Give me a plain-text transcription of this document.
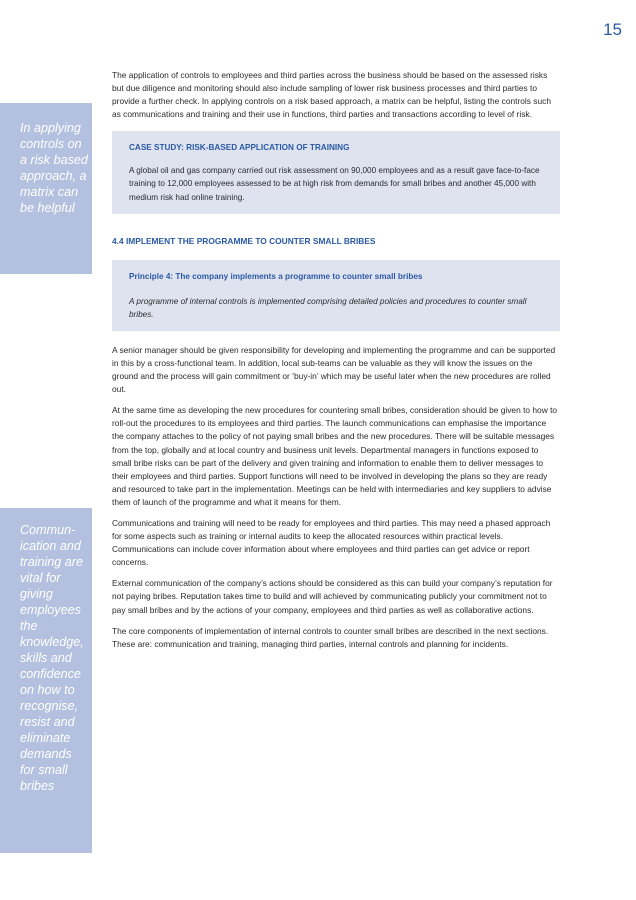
15
In applying controls on a risk based approach, a matrix can be helpful
Commun-ication and training are vital for giving employees the knowledge, skills and confidence on how to recognise, resist and eliminate demands for small bribes

The application of controls to employees and third parties across the business should be based on the assessed risks but due diligence and monitoring should also include sampling of lower risk business processes and third parties to provide a further check. In applying controls on a risk based approach, a matrix can be helpful, listing the controls such as communications and training and their use in functions, third parties and transactions according to level of risk.

CASE STUDY: RISK-BASED APPLICATION OF TRAINING

A global oil and gas company carried out risk assessment on 90,000 employees and as a result gave face-to-face training to 12,000 employees assessed to be at high risk from demands for small bribes and another 45,000 with medium risk had online training.

4.4 IMPLEMENT THE PROGRAMME TO COUNTER SMALL BRIBES

Principle 4: The company implements a programme to counter small bribes

A programme of internal controls is implemented comprising detailed policies and procedures to counter small bribes.

A senior manager should be given responsibility for developing and implementing the programme and can be supported in this by a cross-functional team. In addition, local sub-teams can be valuable as they will know the issues on the ground and the process will gain commitment or ‘buy-in’ which may be useful later when the new procedures are rolled out.

At the same time as developing the new procedures for countering small bribes, consideration should be given to how to roll-out the procedures to its employees and third parties. The launch communications can emphasise the importance the company attaches to the policy of not paying small bribes and the new procedures. There will be suitable messages from the top, globally and at local country and business unit levels. Departmental managers in functions exposed to small bribe risks can be part of the delivery and given training and information to enable them to deliver messages to their employees and third parties. Support functions will need to be involved in developing the plans so they are ready and resourced to take part in the implementation. Meetings can be held with intermediaries and key suppliers to advise them of launch of the programme and what it means for them.

Communications and training will need to be ready for employees and third parties. This may need a phased approach for some aspects such as training or internal audits to keep the allocated resources within practical levels. Communications can include cover information about where employees and third parties can get advice or report concerns.

External communication of the company’s actions should be considered as this can build your company’s reputation for not paying bribes. Reputation takes time to build and will achieved by communicating publicly your commitment not to pay small bribes and by the actions of your company, employees and third parties as well as collaborative actions.

The core components of implementation of internal controls to counter small bribes are described in the next sections. These are: communication and training, managing third parties, internal controls and planning for incidents.
